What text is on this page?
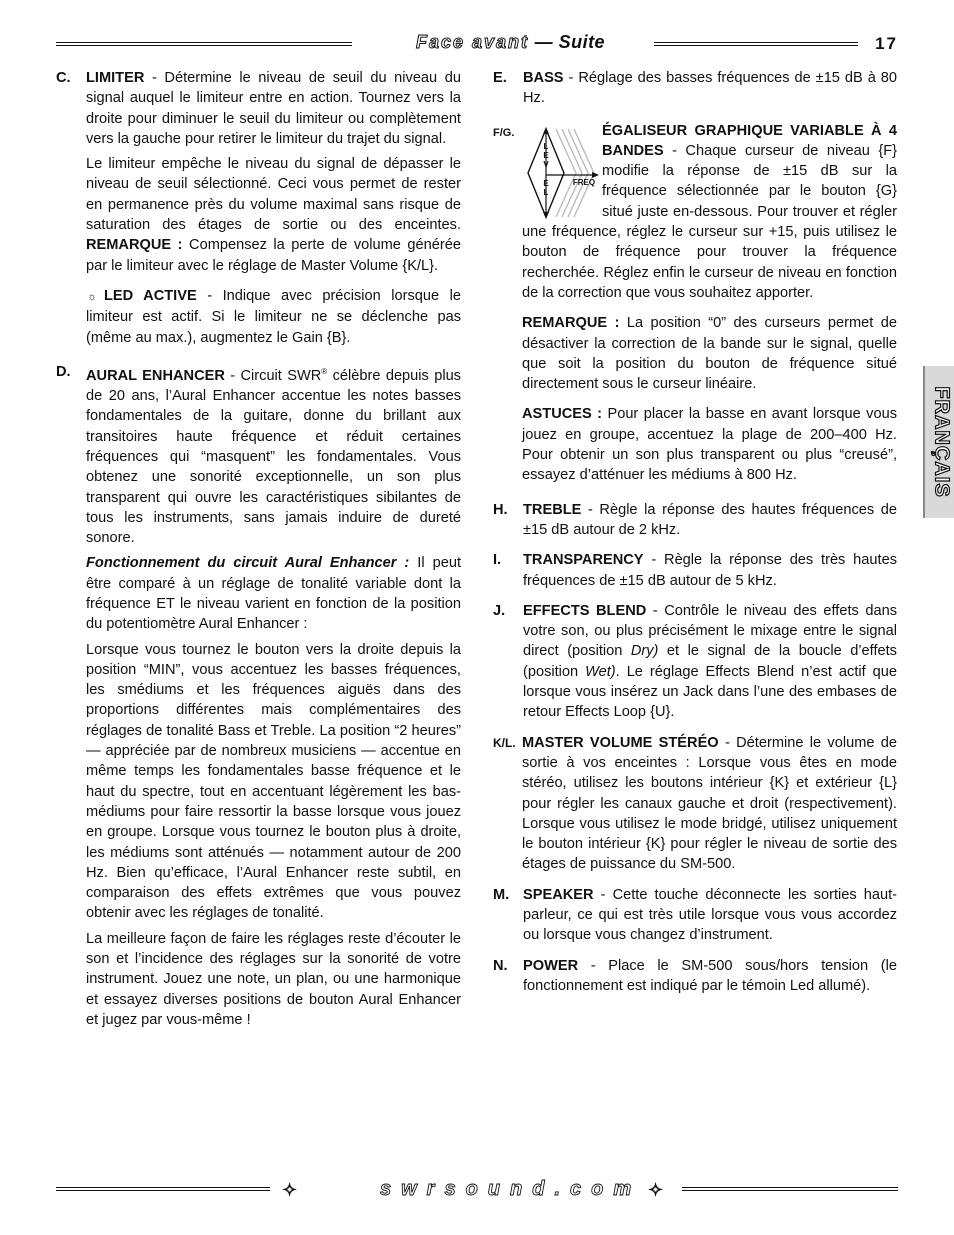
Face avant — Suite	17
C. LIMITER - Détermine le niveau de seuil du niveau du signal auquel le limiteur entre en action. Tournez vers la droite pour diminuer le seuil du limiteur ou complètement vers la gauche pour retirer le limiteur du trajet du signal.

Le limiteur empêche le niveau du signal de dépasser le niveau de seuil sélectionné. Ceci vous permet de rester en permanence près du volume maximal sans risque de saturation des étages de sortie ou des enceintes. REMARQUE : Compensez la perte de volume générée par le limiteur avec le réglage de Master Volume {K/L}.

☼ LED ACTIVE - Indique avec précision lorsque le limiteur est actif. Si le limiteur ne se déclenche pas (même au max.), augmentez le Gain {B}.

D. AURAL ENHANCER - Circuit SWR® célèbre depuis plus de 20 ans, l’Aural Enhancer accentue les notes basses fondamentales de la guitare, donne du brillant aux transitoires haute fréquence et réduit certaines fréquences qui “masquent” les fondamentales. Vous obtenez une sonorité exceptionnelle, un son plus transparent qui ouvre les caractéristiques sibilantes de tous les instruments, sans jamais induire de dureté sonore.

Fonctionnement du circuit Aural Enhancer : Il peut être comparé à un réglage de tonalité variable dont la fréquence ET le niveau varient en fonction de la position du potentiomètre Aural Enhancer :

Lorsque vous tournez le bouton vers la droite depuis la position “MIN”, vous accentuez les basses fréquences, les smédiums et les fréquences aiguës dans des proportions différentes mais complémentaires des réglages de tonalité Bass et Treble. La position “2 heures” — appréciée par de nombreux musiciens — accentue en même temps les fondamentales basse fréquence et le haut du spectre, tout en accentuant légèrement les bas-médiums pour faire ressortir la basse lorsque vous jouez en groupe. Lorsque vous tournez le bouton plus à droite, les médiums sont atténués — notamment autour de 200 Hz. Bien qu’efficace, l’Aural Enhancer reste subtil, en comparaison des effets extrêmes que vous pouvez obtenir avec les réglages de tonalité.

La meilleure façon de faire les réglages reste d’écouter le son et l’incidence des réglages sur la sonorité de votre instrument. Jouez une note, un plan, ou une harmonique et essayez diverses positions de bouton Aural Enhancer et jugez par vous-même !

E. BASS - Réglage des basses fréquences de ±15 dB à 80 Hz.

F/G.
L
E
V
E
L
FREQ

ÉGALISEUR GRAPHIQUE VARIABLE À 4 BANDES - Chaque curseur de niveau {F} modifie la réponse de ±15 dB sur la fréquence sélectionnée par le bouton {G} situé juste en-dessous. Pour trouver et régler une fréquence, réglez le curseur sur +15, puis utilisez le bouton de fréquence pour trouver la fréquence recherchée. Réglez enfin le curseur de niveau en fonction de la correction que vous souhaitez apporter.

REMARQUE : La position “0” des curseurs permet de désactiver la correction de la bande sur le signal, quelle que soit la position du bouton de fréquence situé directement sous le curseur linéaire.

ASTUCES : Pour placer la basse en avant lorsque vous jouez en groupe, accentuez la plage de 200–400 Hz. Pour obtenir un son plus transparent ou plus “creusé”, essayez d’atténuer les médiums à 800 Hz.

H. TREBLE - Règle la réponse des hautes fréquences de ±15 dB autour de 2 kHz.

I. TRANSPARENCY - Règle la réponse des très hautes fréquences de ±15 dB autour de 5 kHz.

J. EFFECTS BLEND - Contrôle le niveau des effets dans votre son, ou plus précisément le mixage entre le signal direct (position Dry) et le signal de la boucle d’effets (position Wet). Le réglage Effects Blend n’est actif que lorsque vous insérez un Jack dans l’une des embases de retour Effects Loop {U}.

K/L. MASTER VOLUME STÉRÉO - Détermine le volume de sortie à vos enceintes : Lorsque vous êtes en mode stéréo, utilisez les boutons intérieur {K} et extérieur {L} pour régler les canaux gauche et droit (respectivement). Lorsque vous utilisez le mode bridgé, utilisez uniquement le bouton intérieur {K} pour régler le niveau de sortie des étages de puissance du SM-500.

M. SPEAKER - Cette touche déconnecte les sorties haut-parleur, ce qui est très utile lorsque vous vous accordez ou lorsque vous changez d’instrument.

N. POWER - Place le SM-500 sous/hors tension (le fonctionnement est indiqué par le témoin Led allumé).

FRANÇAIS
✧	swrsound.com ✧
